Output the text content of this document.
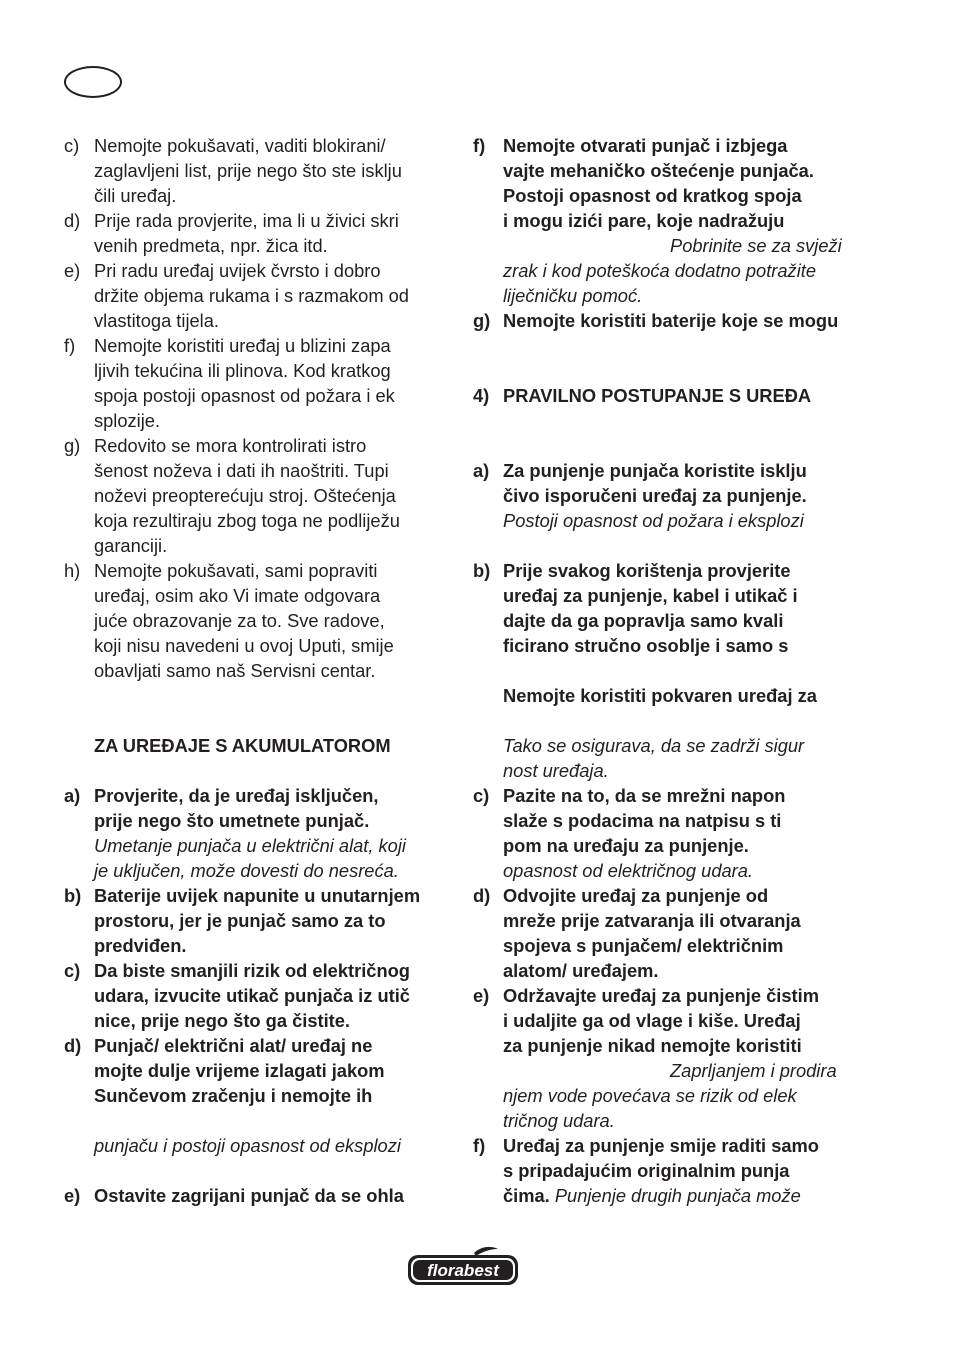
c) Nemojte pokušavati, vaditi blokirani/
zaglavljeni list, prije nego što ste isklju
čili uređaj.
d) Prije rada provjerite, ima li u živici skri
venih predmeta, npr. žica itd.
e) Pri radu uređaj uvijek čvrsto i dobro
držite objema rukama i s razmakom od
vlastitoga tijela.
f) Nemojte koristiti uređaj u blizini zapa
ljivih tekućina ili plinova. Kod kratkog
spoja postoji opasnost od požara i ek
splozije.
g) Redovito se mora kontrolirati istro
šenost noževa i dati ih naoštriti. Tupi
noževi preopterećuju stroj. Oštećenja
koja rezultiraju zbog toga ne podliježu
garanciji.
h) Nemojte pokušavati, sami popraviti
uređaj, osim ako Vi imate odgovara
juće obrazovanje za to. Sve radove,
koji nisu navedeni u ovoj Uputi, smije
obavljati samo naš Servisni centar.
ZA UREĐAJE S AKUMULATOROM
a) Provjerite, da je uređaj isključen,
prije nego što umetnete punjač.
Umetanje punjača u električni alat, koji
je uključen, može dovesti do nesreća.
b) Baterije uvijek napunite u unutarnjem
prostoru, jer je punjač samo za to
predviđen.
c) Da biste smanjili rizik od električnog
udara, izvucite utikač punjača iz utič
nice, prije nego što ga čistite.
d) Punjač/ električni alat/ uređaj ne
mojte dulje vrijeme izlagati jakom
Sunčevom zračenju i nemojte ih
punjaču i postoji opasnost od eksplozi
e) Ostavite zagrijani punjač da se ohla
f) Nemojte otvarati punjač i izbjega
vajte mehaničko oštećenje punjača.
Postoji opasnost od kratkog spoja
i mogu izići pare, koje nadražuju
Pobrinite se za svježi
zrak i kod poteškoća dodatno potražite
liječničku pomoć.
g) Nemojte koristiti baterije koje se mogu
4) PRAVILNO POSTUPANJE S UREĐA
a) Za punjenje punjača koristite isklju
čivo isporučeni uređaj za punjenje.
Postoji opasnost od požara i eksplozi
b) Prije svakog korištenja provjerite
uređaj za punjenje, kabel i utikač i
dajte da ga popravlja samo kvali
ficirano stručno osoblje i samo s
Nemojte koristiti pokvaren uređaj za
Tako se osigurava, da se zadrži sigur
nost uređaja.
c) Pazite na to, da se mrežni napon
slaže s podacima na natpisu s ti
pom na uređaju za punjenje.
opasnost od električnog udara.
d) Odvojite uređaj za punjenje od
mreže prije zatvaranja ili otvaranja
spojeva s punjačem/ električnim
alatom/ uređajem.
e) Održavajte uređaj za punjenje čistim
i udaljite ga od vlage i kiše. Uređaj
za punjenje nikad nemojte koristiti
Zaprljanjem i prodira
njem vode povećava se rizik od elek
tričnog udara.
f) Uređaj za punjenje smije raditi samo
s pripadajućim originalnim punja
čima. Punjenje drugih punjača može
florabest
